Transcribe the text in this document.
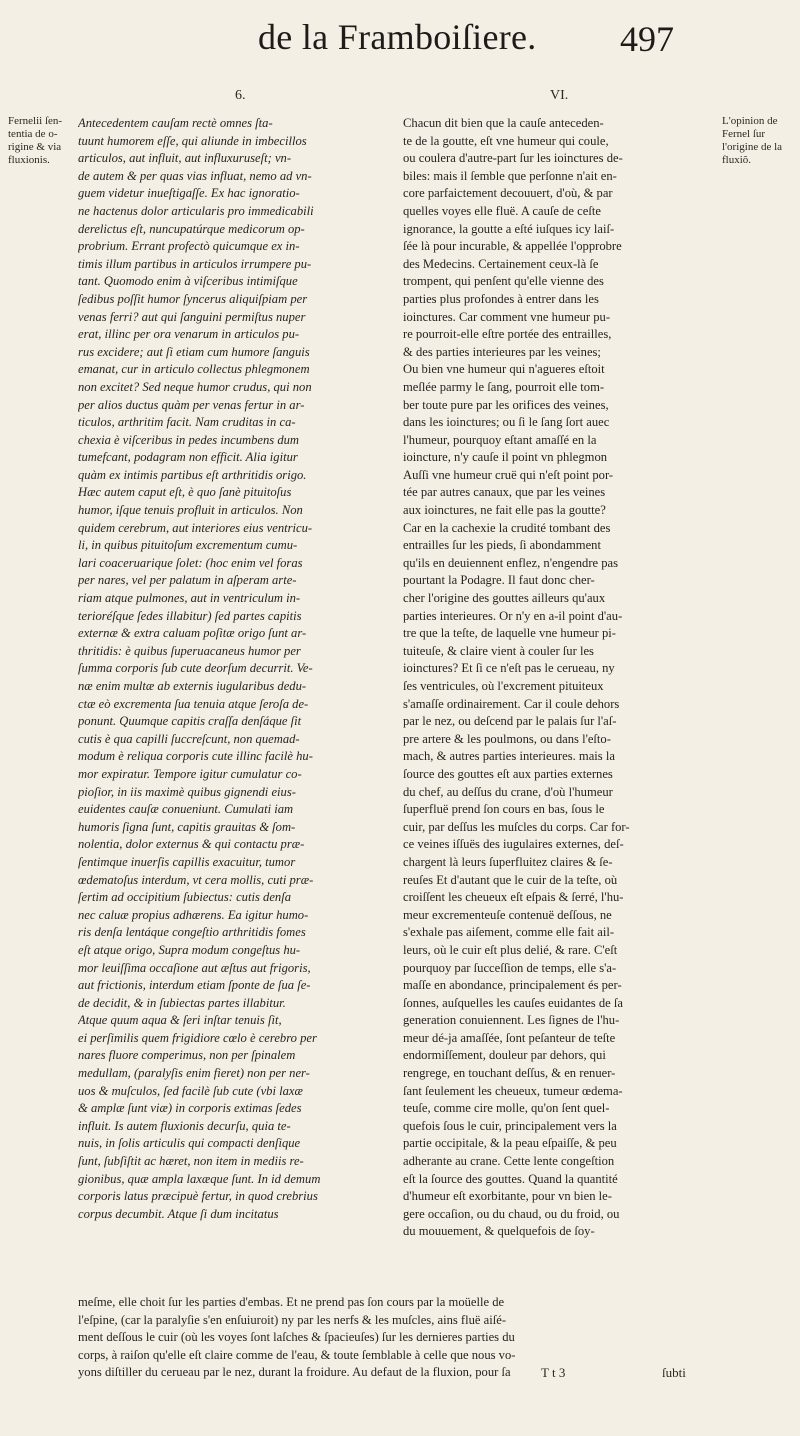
de la Framboiſiere. 497
6.	VI.
Fernelii ſen-tentia de o-rigine & via fluxionis.
L'opinion de Fernel ſur l'origine de la fluxiõ.
Antecedentem cauſam rectè omnes ſta-
tuunt humorem eſſe, qui aliunde in imbecillos
articulos, aut influit, aut influxuruseſt; vn-
de autem & per quas vias influat, nemo ad vn-
guem videtur inueſtigaſſe. Ex hac ignoratio-
ne hactenus dolor articularis pro immedicabili
derelictus eſt, nuncupatúrque medicorum op-
probrium. Errant profectò quicumque ex in-
timis illum partibus in articulos irrumpere pu-
tant. Quomodo enim à viſceribus intimiſque
ſedibus poſſit humor ſyncerus aliquiſpiam per
venas ferri? aut qui ſanguini permiſtus nuper
erat, illinc per ora venarum in articulos pu-
rus excidere; aut ſi etiam cum humore ſanguis
emanat, cur in articulo collectus phlegmonem
non excitet? Sed neque humor crudus, qui non
per alios ductus quàm per venas fertur in ar-
ticulos, arthritim facit. Nam cruditas in ca-
chexia è viſceribus in pedes incumbens dum
tumefcant, podagram non efficit. Alia igitur
quàm ex intimis partibus eſt arthritidis origo.
Hæc autem caput eſt, è quo ſanè pituitoſus
humor, iſque tenuis profluit in articulos. Non
quidem cerebrum, aut interiores eius ventricu-
li, in quibus pituitoſum excrementum cumu-
lari coaceruarique ſolet: (hoc enim vel foras
per nares, vel per palatum in aſperam arte-
riam atque pulmones, aut in ventriculum in-
terioréſque ſedes illabitur) ſed partes capitis
externæ & extra caluam poſitæ origo ſunt ar-
thritidis: è quibus ſuperuacaneus humor per
ſumma corporis ſub cute deorſum decurrit. Ve-
næ enim multæ ab externis iugularibus dedu-
ctæ eò excrementa ſua tenuia atque ſeroſa de-
ponunt. Quumque capitis craſſa denſáque ſit
cutis è qua capilli ſuccreſcunt, non quemad-
modum è reliqua corporis cute illinc facilè hu-
mor expiratur. Tempore igitur cumulatur co-
pioſior, in iis maximè quibus gignendi eius-
euidentes cauſæ conueniunt. Cumulati iam
humoris ſigna ſunt, capitis grauitas & ſom-
nolentia, dolor externus & qui contactu præ-
ſentimque inuerſis capillis exacuitur, tumor
œdematoſus interdum, vt cera mollis, cuti præ-
ſertim ad occipitium ſubiectus: cutis denſa
nec caluæ propius adhærens. Ea igitur humo-
ris denſa lentáque congeſtio arthritidis fomes
eſt atque origo, Supra modum congeſtus hu-
mor leuiſſima occaſione aut æſtus aut frigoris,
aut frictionis, interdum etiam ſponte de ſua ſe-
de decidit, & in ſubiectas partes illabitur.
Atque quum aqua & ſeri inſtar tenuis ſit,
ei perſimilis quem frigidiore cœlo è cerebro per
nares fluore comperimus, non per ſpinalem
medullam, (paralyſis enim fieret) non per ner-
uos & muſculos, ſed facilè ſub cute (vbi laxæ
& amplæ ſunt viæ) in corporis extimas ſedes
influit. Is autem fluxionis decurſu, quia te-
nuis, in ſolis articulis qui compacti denſique
ſunt, ſubſiſtit ac hæret, non item in mediis re-
gionibus, quæ ampla laxæque ſunt. In id demum
corporis latus præcipuè fertur, in quod crebrius
corpus decumbit. Atque ſi dum incitatus
Chacun dit bien que la cauſe anteceden-
te de la goutte, eſt vne humeur qui coule,
ou coulera d'autre-part ſur les ioinctures de-
biles: mais il ſemble que perſonne n'ait en-
core parfaictement decouuert, d'où, & par
quelles voyes elle fluë. A cauſe de ceſte
ignorance, la goutte a eſté iuſques icy laiſ-
ſée là pour incurable, & appellée l'opprobre
des Medecins. Certainement ceux-là ſe
trompent, qui penſent qu'elle vienne des
parties plus profondes à entrer dans les
ioinctures. Car comment vne humeur pu-
re pourroit-elle eſtre portée des entrailles,
& des parties interieures par les veines;
Ou bien vne humeur qui n'agueres eſtoit
meſlée parmy le ſang, pourroit elle tom-
ber toute pure par les orifices des veines,
dans les ioinctures; ou ſi le ſang ſort auec
l'humeur, pourquoy eſtant amaſſé en la
ioincture, n'y cauſe il point vn phlegmon
Auſſi vne humeur cruë qui n'eſt point por-
tée par autres canaux, que par les veines
aux ioinctures, ne fait elle pas la goutte?
Car en la cachexie la crudité tombant des
entrailles ſur les pieds, ſi abondamment
qu'ils en deuiennent enflez, n'engendre pas
pourtant la Podagre. Il faut donc cher-
cher l'origine des gouttes ailleurs qu'aux
parties interieures. Or n'y en a-il point d'au-
tre que la teſte, de laquelle vne humeur pi-
tuiteuſe, & claire vient à couler ſur les
ioinctures? Et ſi ce n'eſt pas le cerueau, ny
ſes ventricules, où l'excrement pituiteux
s'amaſſe ordinairement. Car il coule dehors
par le nez, ou deſcend par le palais ſur l'aſ-
pre artere & les poulmons, ou dans l'eſto-
mach, & autres parties interieures. mais la
ſource des gouttes eſt aux parties externes
du chef, au deſſus du crane, d'où l'humeur
ſuperfluë prend ſon cours en bas, ſous le
cuir, par deſſus les muſcles du corps. Car for-
ce veines iſſuës des iugulaires externes, deſ-
chargent là leurs ſuperfluitez claires & ſe-
reuſes Et d'autant que le cuir de la teſte, où
croiſſent les cheueux eſt eſpais & ſerré, l'hu-
meur excrementeuſe contenuë deſſous, ne
s'exhale pas aiſement, comme elle fait ail-
leurs, où le cuir eſt plus delié, & rare. C'eſt
pourquoy par ſucceſſion de temps, elle s'a-
maſſe en abondance, principalement és per-
ſonnes, auſquelles les cauſes euidantes de ſa
generation conuiennent. Les ſignes de l'hu-
meur dé-ja amaſſée, ſont peſanteur de teſte
endormiſſement, douleur par dehors, qui
rengrege, en touchant deſſus, & en renuer-
ſant ſeulement les cheueux, tumeur œdema-
teuſe, comme cire molle, qu'on ſent quel-
quefois ſous le cuir, principalement vers la
partie occipitale, & la peau eſpaiſſe, & peu
adherante au crane. Cette lente congeſtion
eſt la ſource des gouttes. Quand la quantité
d'humeur eſt exorbitante, pour vn bien le-
gere occaſion, ou du chaud, ou du froid, ou
du mouuement, & quelquefois de ſoy-
meſme, elle choit ſur les parties d'embas. Et ne prend pas ſon cours par la moüelle de
l'eſpine, (car la paralyſie s'en enſuiuroit) ny par les nerfs & les muſcles, ains fluë aiſé-
ment deſſous le cuir (où les voyes ſont laſches & ſpacieuſes) ſur les dernieres parties du
corps, à raiſon qu'elle eſt claire comme de l'eau, & toute ſemblable à celle que nous vo-
yons diſtiller du cerueau par le nez, durant la froidure. Au defaut de la fluxion, pour ſa	T t 3	ſubti
